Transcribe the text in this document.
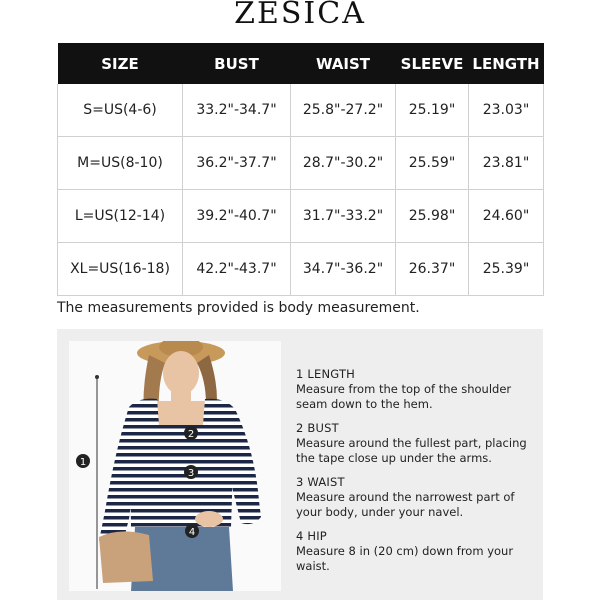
ZESICA
SIZE	BUST	WAIST	SLEEVE	LENGTH
S=US(4-6)	33.2"-34.7"	25.8"-27.2"	25.19"	23.03"
M=US(8-10)	36.2"-37.7"	28.7"-30.2"	25.59"	23.81"
L=US(12-14)	39.2"-40.7"	31.7"-33.2"	25.98"	24.60"
XL=US(16-18)	42.2"-43.7"	34.7"-36.2"	26.37"	25.39"
The measurements provided is body measurement.
1
2
3
4
1 LENGTH
Measure from the top of the shoulder seam down to the hem.
2 BUST
Measure around the fullest part, placing the tape close up under the arms.
3 WAIST
Measure around the narrowest part of your body, under your navel.
4 HIP
Measure 8 in (20 cm) down from your waist.
